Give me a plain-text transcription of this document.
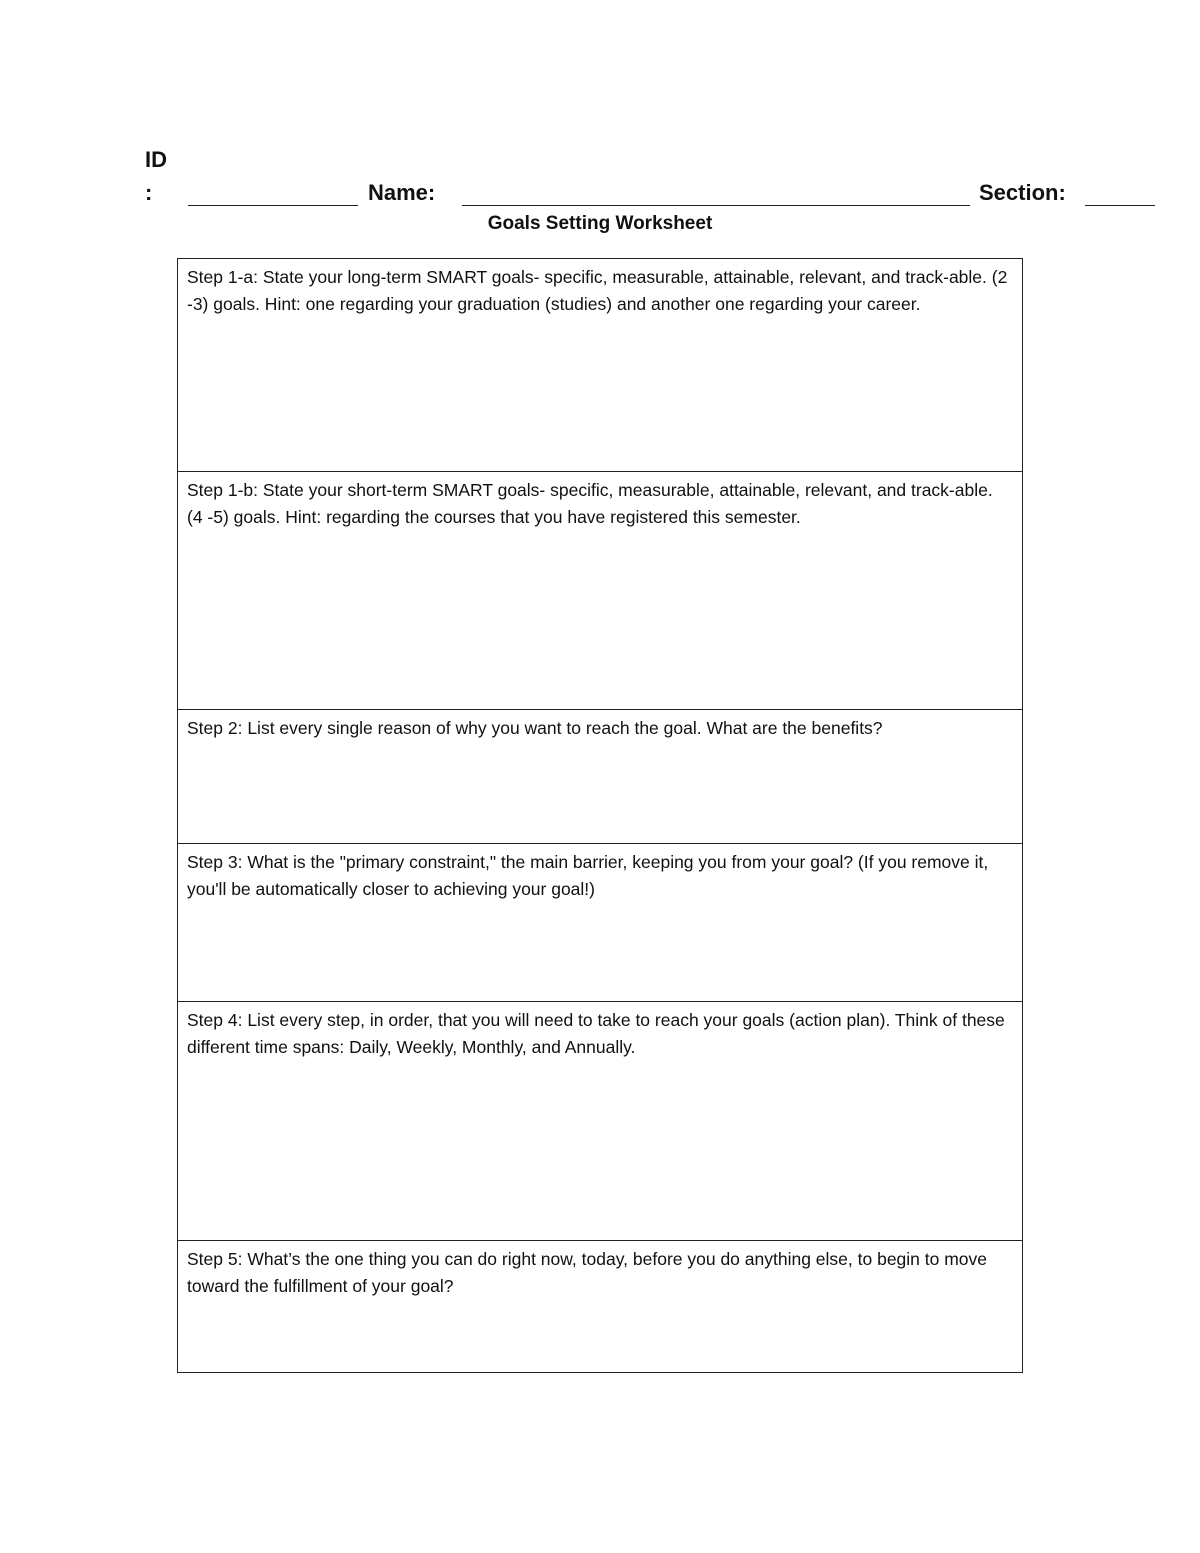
ID
:	Name:	Section:
Goals Setting Worksheet
Step 1-a: State your long-term SMART goals- specific, measurable, attainable, relevant, and track-able. (2 -3) goals. Hint: one regarding your graduation (studies) and another one regarding your career.
Step 1-b: State your short-term SMART goals- specific, measurable, attainable, relevant, and track-able. (4 -5) goals. Hint: regarding the courses that you have registered this semester.
Step 2: List every single reason of why you want to reach the goal. What are the benefits?
Step 3: What is the "primary constraint," the main barrier, keeping you from your goal? (If you remove it, you'll be automatically closer to achieving your goal!)
Step 4: List every step, in order, that you will need to take to reach your goals (action plan). Think of these different time spans: Daily, Weekly, Monthly, and Annually.
Step 5: What’s the one thing you can do right now, today, before you do anything else, to begin to move toward the fulfillment of your goal?
